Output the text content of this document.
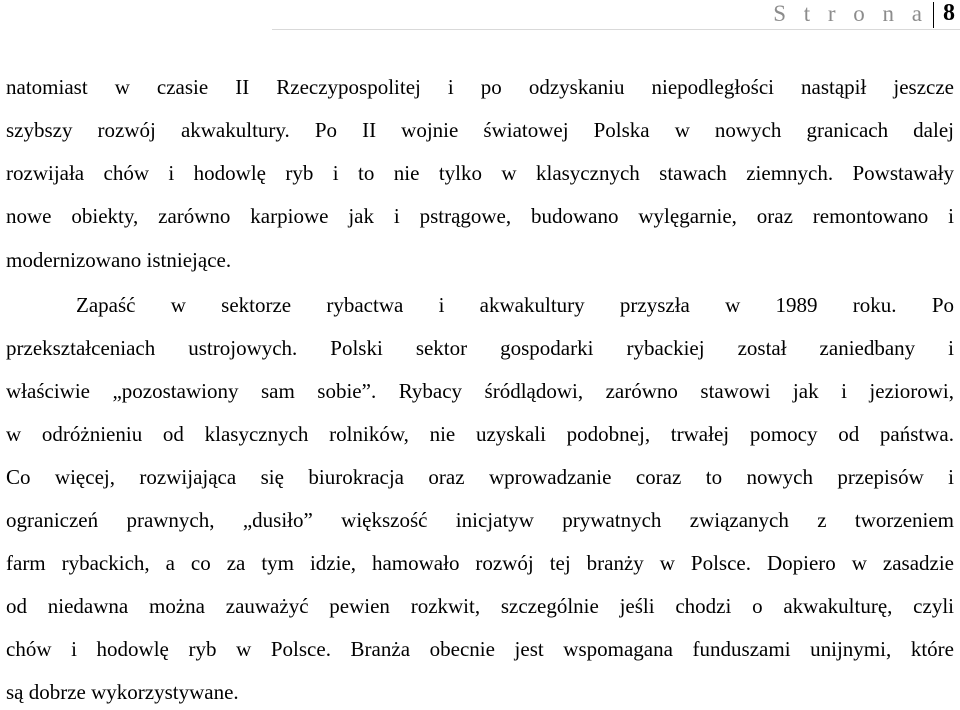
S t r o n a 8
natomiast w czasie II Rzeczypospolitej i po odzyskaniu niepodległości nastąpił jeszcze
szybszy rozwój akwakultury. Po II wojnie światowej Polska w nowych granicach dalej
rozwijała chów i hodowlę ryb i to nie tylko w klasycznych stawach ziemnych. Powstawały
nowe obiekty, zarówno karpiowe jak i pstrągowe, budowano wylęgarnie, oraz remontowano i
modernizowano istniejące.
Zapaść w sektorze rybactwa i akwakultury przyszła w 1989 roku. Po
przekształceniach ustrojowych. Polski sektor gospodarki rybackiej został zaniedbany i
właściwie „pozostawiony sam sobie”. Rybacy śródlądowi, zarówno stawowi jak i jeziorowi,
w odróżnieniu od klasycznych rolników, nie uzyskali podobnej, trwałej pomocy od państwa.
Co więcej, rozwijająca się biurokracja oraz wprowadzanie coraz to nowych przepisów i
ograniczeń prawnych, „dusiło” większość inicjatyw prywatnych związanych z tworzeniem
farm rybackich, a co za tym idzie, hamowało rozwój tej branży w Polsce. Dopiero w zasadzie
od niedawna można zauważyć pewien rozkwit, szczególnie jeśli chodzi o akwakulturę, czyli
chów i hodowlę ryb w Polsce. Branża obecnie jest wspomagana funduszami unijnymi, które
są dobrze wykorzystywane.
